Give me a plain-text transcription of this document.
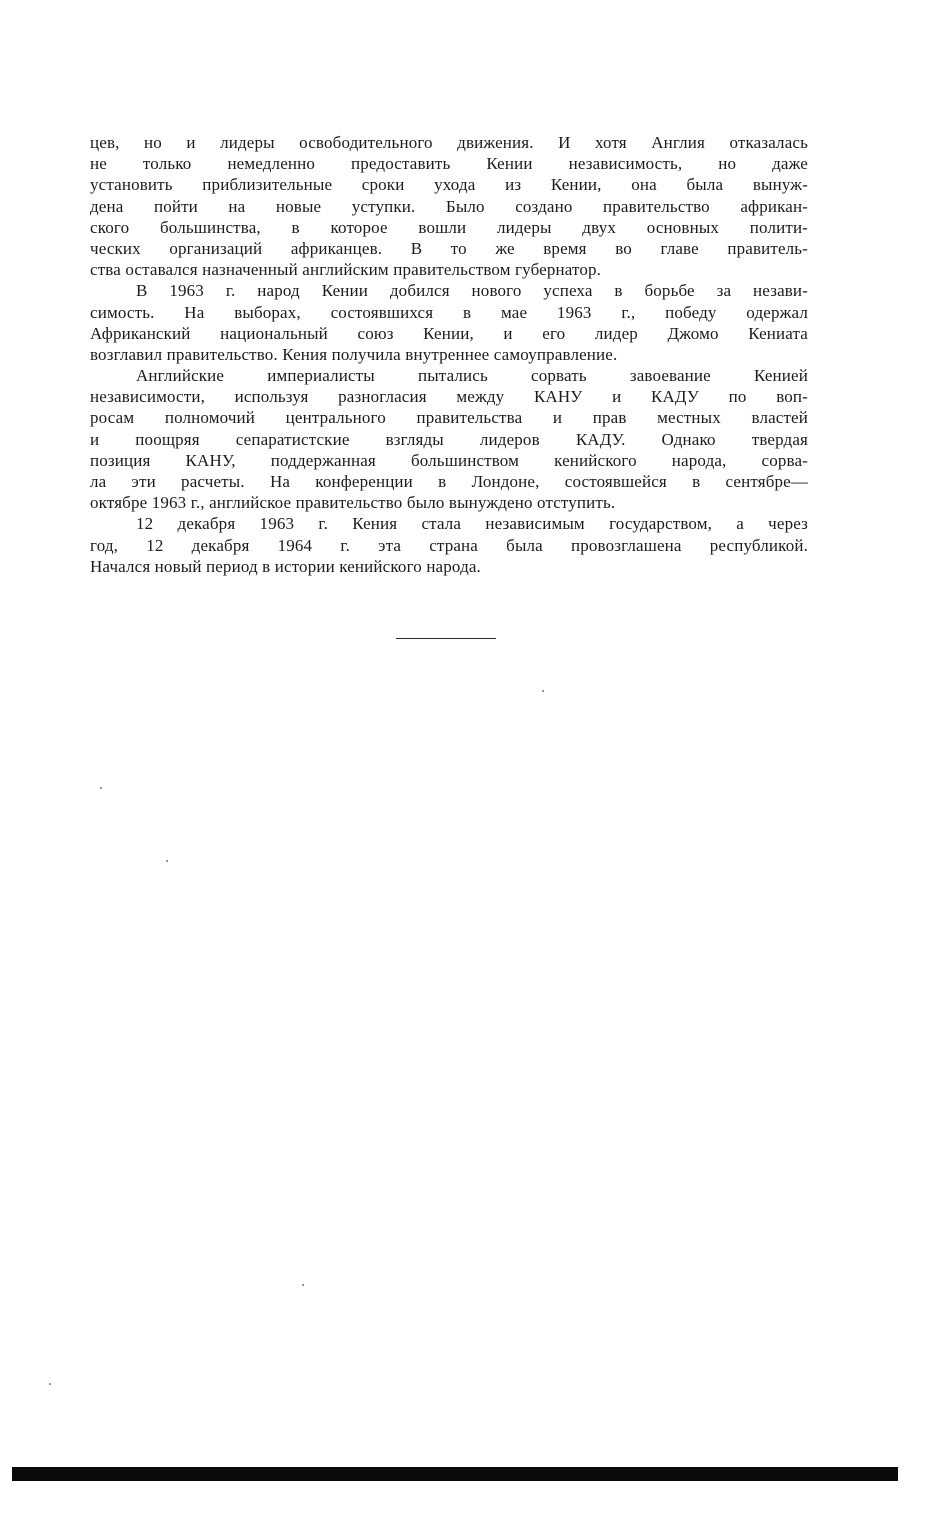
цев, но и лидеры освободительного движения. И хотя Англия отказалась
не только немедленно предоставить Кении независимость, но даже
установить приблизительные сроки ухода из Кении, она была вынуж-
дена пойти на новые уступки. Было создано правительство африкан-
ского большинства, в которое вошли лидеры двух основных полити-
ческих организаций африканцев. В то же время во главе правитель-
ства оставался назначенный английским правительством губернатор.
В 1963 г. народ Кении добился нового успеха в борьбе за незави-
симость. На выборах, состоявшихся в мае 1963 г., победу одержал
Африканский национальный союз Кении, и его лидер Джомо Кениата
возглавил правительство. Кения получила внутреннее самоуправление.
Английские империалисты пытались сорвать завоевание Кенией
независимости, используя разногласия между КАНУ и КАДУ по воп-
росам полномочий центрального правительства и прав местных властей
и поощряя сепаратистские взгляды лидеров КАДУ. Однако твердая
позиция КАНУ, поддержанная большинством кенийского народа, сорва-
ла эти расчеты. На конференции в Лондоне, состоявшейся в сентябре—
октябре 1963 г., английское правительство было вынуждено отступить.
12 декабря 1963 г. Кения стала независимым государством, а через
год, 12 декабря 1964 г. эта страна была провозглашена республикой.
Начался новый период в истории кенийского народа.
